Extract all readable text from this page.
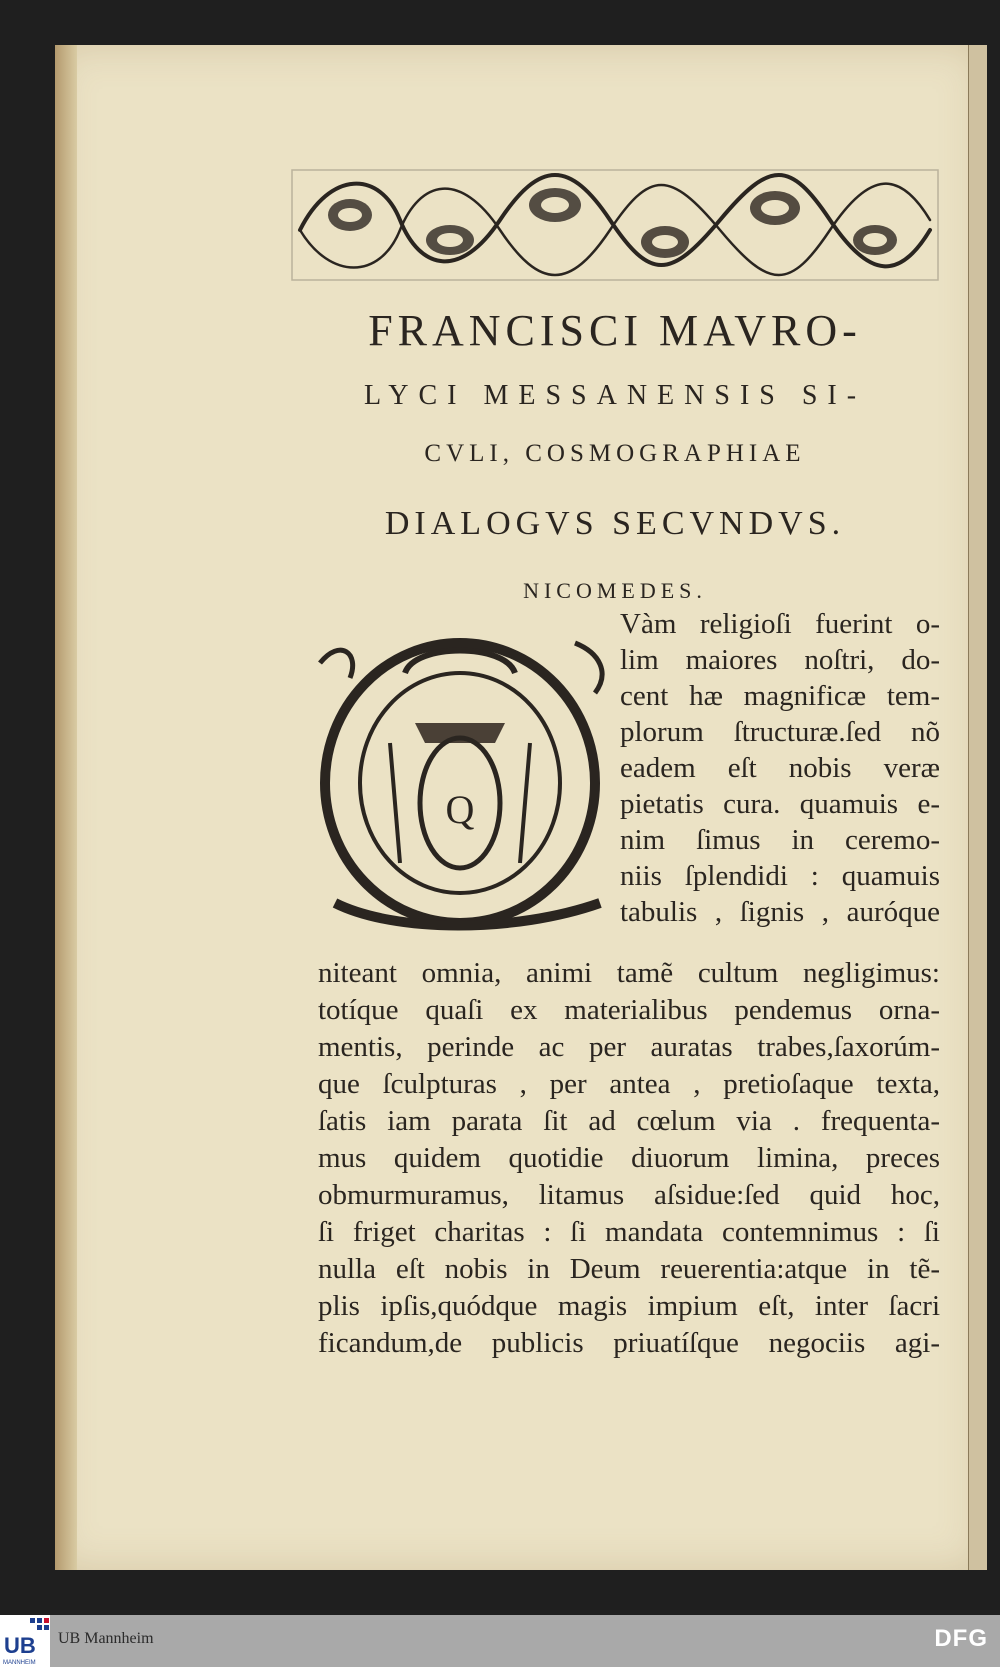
FRANCISCI MAVRO-
LYCI MESSANENSIS SI-
CVLI, COSMOGRAPHIAE
DIALOGVS SECVNDVS.
NICOMEDES.
Q
Vàm religioſi fuerint o-
lim maiores noſtri, do-
cent hæ magnificæ tem-
plorum ſtructuræ.ſed nõ
eadem eſt nobis veræ
pietatis cura. quamuis e-
nim ſimus in ceremo-
niis ſplendidi : quamuis
tabulis , ſignis , auróque
niteant omnia, animi tamẽ cultum negligimus:
totíque quaſi ex materialibus pendemus orna-
mentis, perinde ac per auratas trabes,ſaxorúm-
que ſculpturas , per antea , pretioſaque texta,
ſatis iam parata ſit ad cœlum via . frequenta-
mus quidem quotidie diuorum limina, preces
obmurmuramus, litamus aſsidue:ſed quid hoc,
ſi friget charitas : ſi mandata contemnimus : ſi
nulla eſt nobis in Deum reuerentia:atque in tẽ-
plis ipſis,quódque magis impium eſt, inter ſacri
ficandum,de publicis priuatíſque negociis agi-
UB
MANNHEIM
UB Mannheim	DFG
